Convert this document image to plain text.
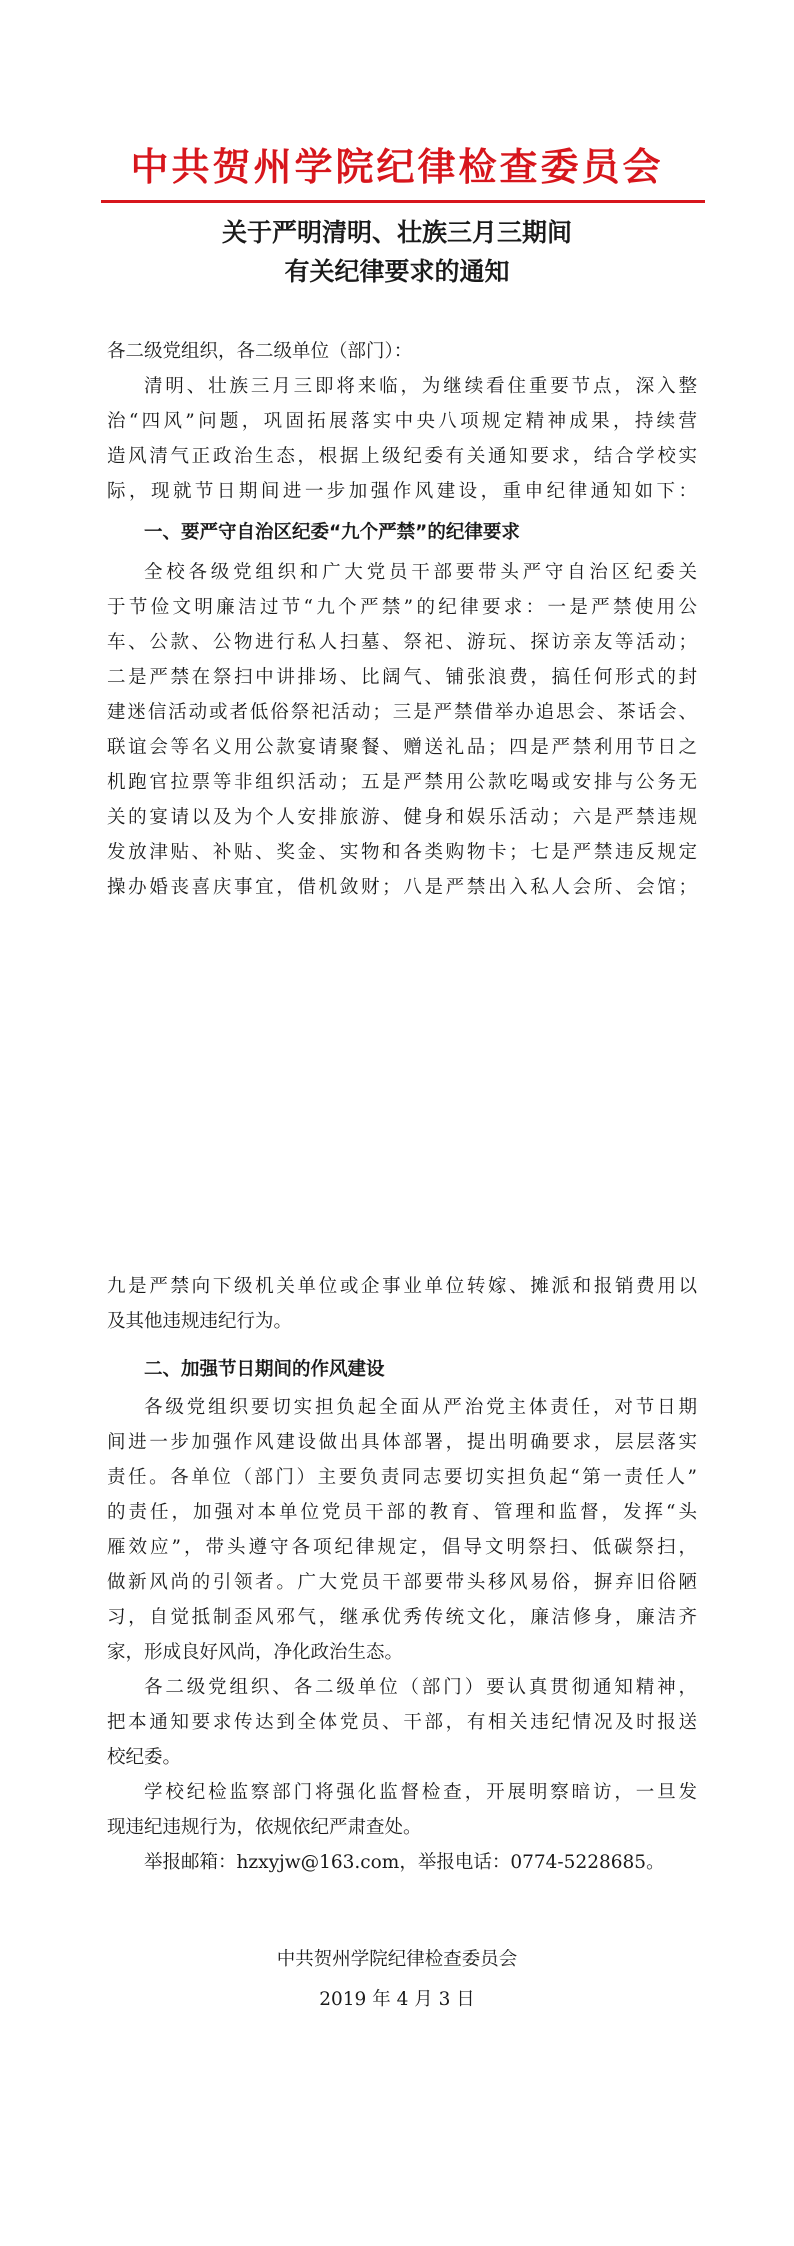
中共贺州学院纪律检查委员会
关于严明清明、壮族三月三期间
有关纪律要求的通知
各二级党组织，各二级单位（部门）：
清明、壮族三月三即将来临，为继续看住重要节点，深入整
治“四风”问题，巩固拓展落实中央八项规定精神成果，持续营
造风清气正政治生态，根据上级纪委有关通知要求，结合学校实
际，现就节日期间进一步加强作风建设，重申纪律通知如下：
一、要严守自治区纪委“九个严禁”的纪律要求
全校各级党组织和广大党员干部要带头严守自治区纪委关
于节俭文明廉洁过节“九个严禁”的纪律要求：一是严禁使用公
车、公款、公物进行私人扫墓、祭祀、游玩、探访亲友等活动；
二是严禁在祭扫中讲排场、比阔气、铺张浪费，搞任何形式的封
建迷信活动或者低俗祭祀活动；三是严禁借举办追思会、茶话会、
联谊会等名义用公款宴请聚餐、赠送礼品；四是严禁利用节日之
机跑官拉票等非组织活动；五是严禁用公款吃喝或安排与公务无
关的宴请以及为个人安排旅游、健身和娱乐活动；六是严禁违规
发放津贴、补贴、奖金、实物和各类购物卡；七是严禁违反规定
操办婚丧喜庆事宜，借机敛财；八是严禁出入私人会所、会馆；
九是严禁向下级机关单位或企事业单位转嫁、摊派和报销费用以
及其他违规违纪行为。
二、加强节日期间的作风建设
各级党组织要切实担负起全面从严治党主体责任，对节日期
间进一步加强作风建设做出具体部署，提出明确要求，层层落实
责任。各单位（部门）主要负责同志要切实担负起“第一责任人”
的责任，加强对本单位党员干部的教育、管理和监督，发挥“头
雁效应”，带头遵守各项纪律规定，倡导文明祭扫、低碳祭扫，
做新风尚的引领者。广大党员干部要带头移风易俗，摒弃旧俗陋
习，自觉抵制歪风邪气，继承优秀传统文化，廉洁修身，廉洁齐
家，形成良好风尚，净化政治生态。
各二级党组织、各二级单位（部门）要认真贯彻通知精神，
把本通知要求传达到全体党员、干部，有相关违纪情况及时报送
校纪委。
学校纪检监察部门将强化监督检查，开展明察暗访，一旦发
现违纪违规行为，依规依纪严肃查处。
举报邮箱：hzxyjw@163.com，举报电话：0774-5228685。
中共贺州学院纪律检查委员会
2019 年 4 月 3 日
